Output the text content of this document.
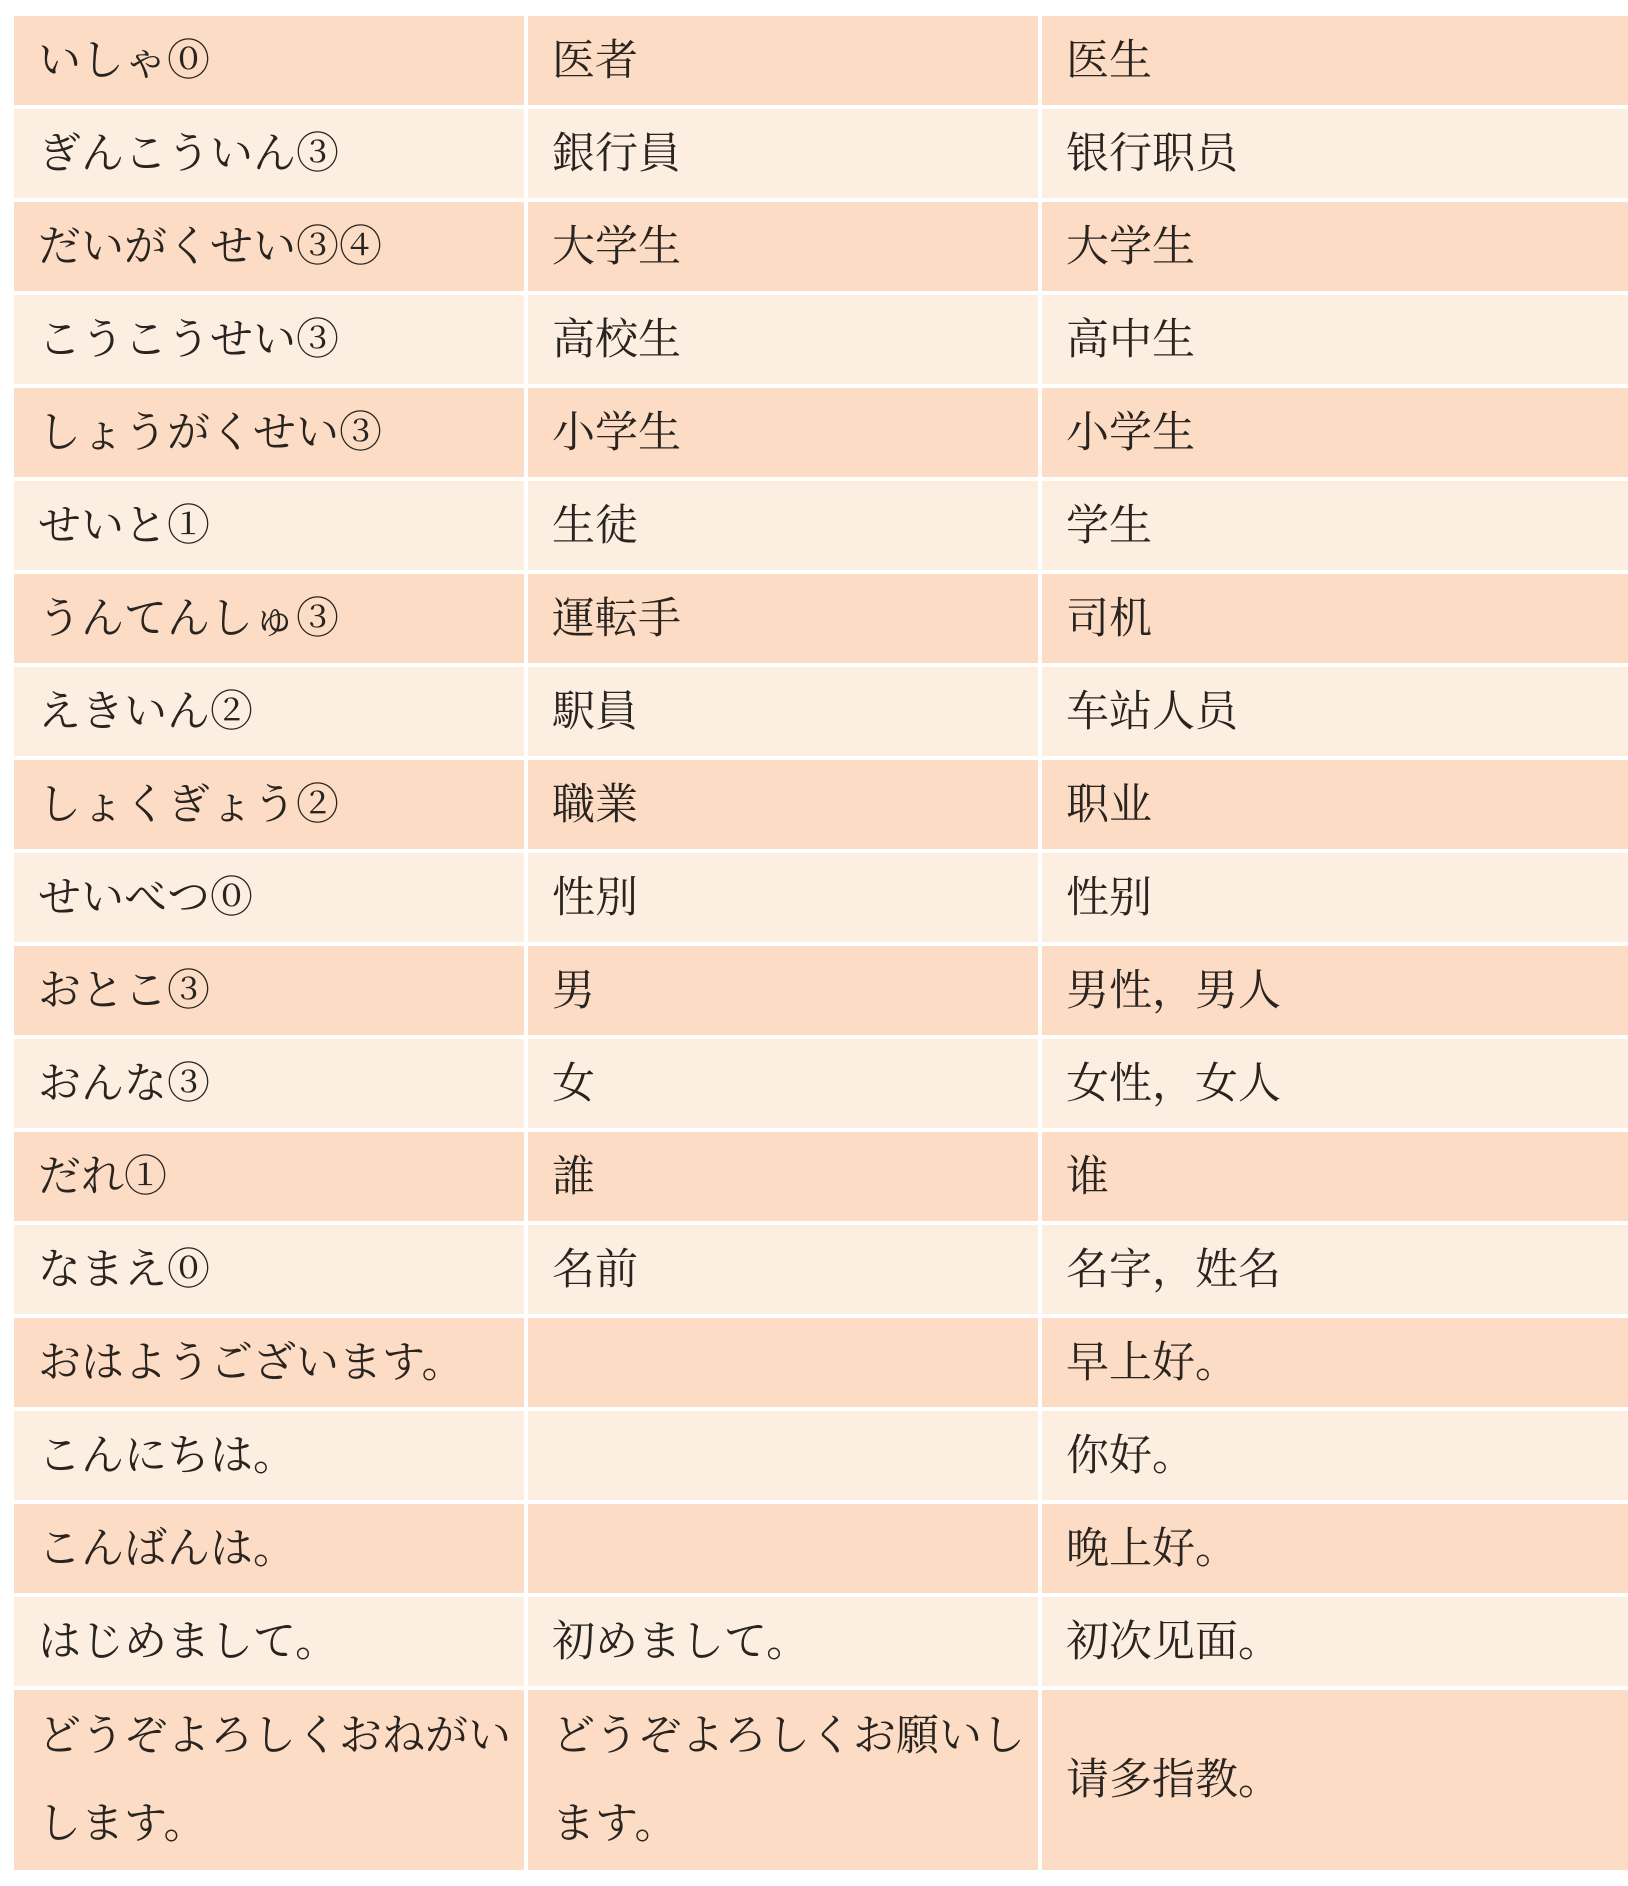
いしゃ⓪	医者	医生
ぎんこういん③	銀行員	银行职员
だいがくせい③④	大学生	大学生
こうこうせい③	高校生	高中生
しょうがくせい③	小学生	小学生
せいと①	生徒	学生
うんてんしゅ③	運転手	司机
えきいん②	駅員	车站人员
しょくぎょう②	職業	职业
せいべつ⓪	性別	性别
おとこ③	男	男性，男人
おんな③	女	女性，女人
だれ①	誰	谁
なまえ⓪	名前	名字，姓名
おはようございます。		早上好。
こんにちは。		你好。
こんばんは。		晚上好。
はじめまして。	初めまして。	初次见面。
どうぞよろしくおねがいします。	どうぞよろしくお願いします。	请多指教。
